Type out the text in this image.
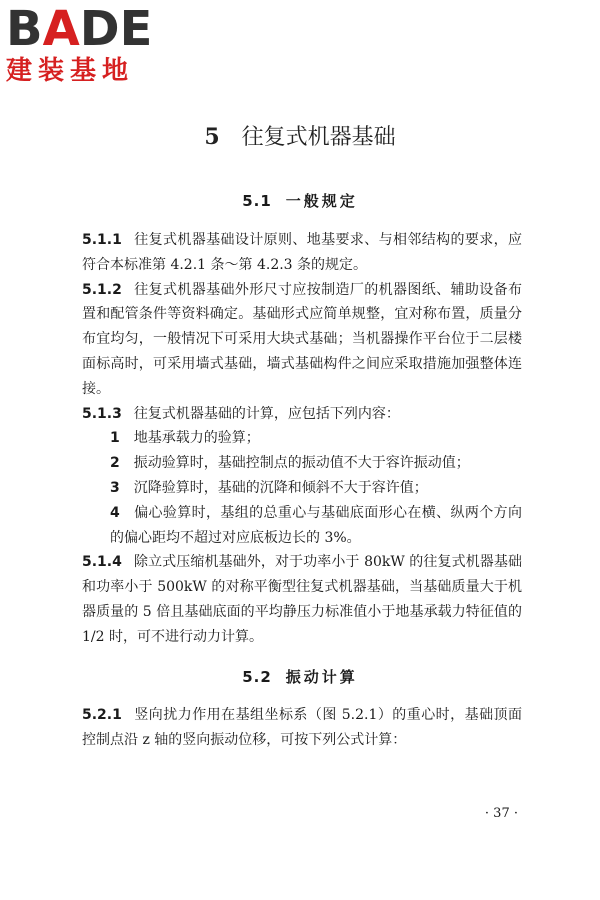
BADE
建装基地
5 往复式机器基础
5.1 一般规定

5.1.1 往复式机器基础设计原则、地基要求、与相邻结构的要求，应符合本标准第 4.2.1 条～第 4.2.3 条的规定。

5.1.2 往复式机器基础外形尺寸应按制造厂的机器图纸、辅助设备布置和配管条件等资料确定。基础形式应简单规整，宜对称布置，质量分布宜均匀，一般情况下可采用大块式基础；当机器操作平台位于二层楼面标高时，可采用墙式基础，墙式基础构件之间应采取措施加强整体连接。

5.1.3 往复式机器基础的计算，应包括下列内容：

1 地基承载力的验算；

2 振动验算时，基础控制点的振动值不大于容许振动值；

3 沉降验算时，基础的沉降和倾斜不大于容许值；

4 偏心验算时，基组的总重心与基础底面形心在横、纵两个方向的偏心距均不超过对应底板边长的 3%。

5.1.4 除立式压缩机基础外，对于功率小于 80kW 的往复式机器基础和功率小于 500kW 的对称平衡型往复式机器基础，当基础质量大于机器质量的 5 倍且基础底面的平均静压力标准值小于地基承载力特征值的 1/2 时，可不进行动力计算。

5.2 振动计算

5.2.1 竖向扰力作用在基组坐标系（图 5.2.1）的重心时，基础顶面控制点沿 z 轴的竖向振动位移，可按下列公式计算：

· 37 ·
